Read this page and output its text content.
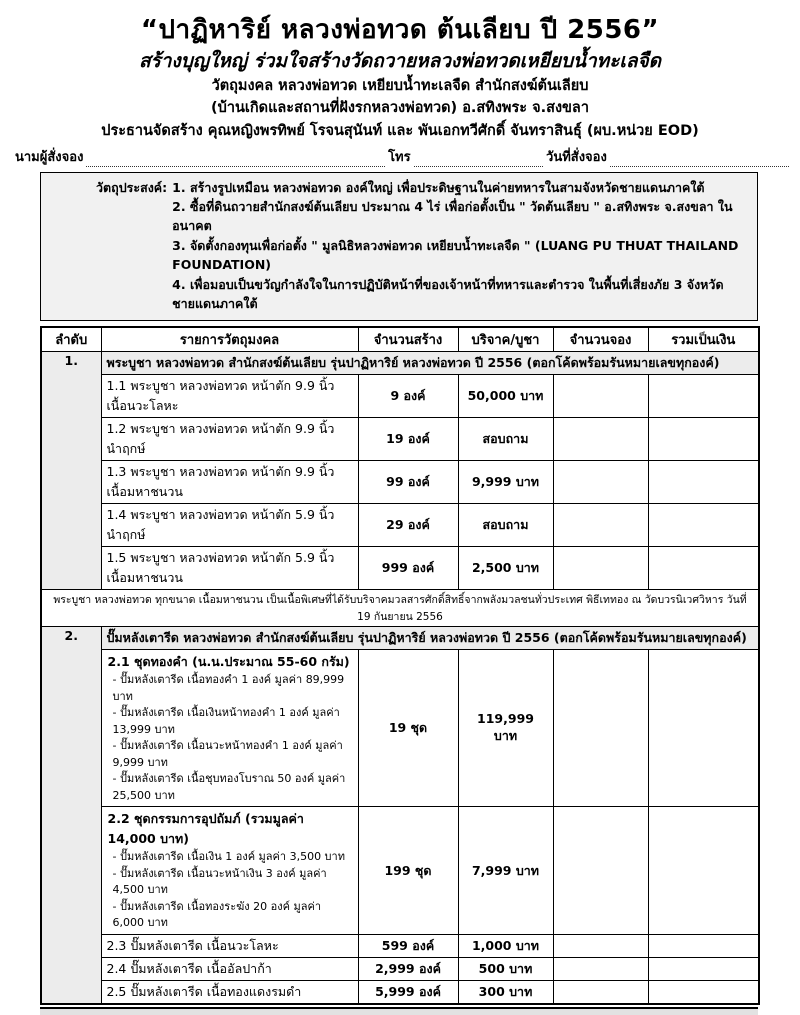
“ปาฏิหาริย์ หลวงพ่อทวด ต้นเลียบ ปี 2556”
สร้างบุญใหญ่ ร่วมใจสร้างวัดถวายหลวงพ่อทวดเหยียบน้ำทะเลจืด
วัตถุมงคล หลวงพ่อทวด เหยียบน้ำทะเลจืด สำนักสงฆ์ต้นเลียบ
(บ้านเกิดและสถานที่ฝังรกหลวงพ่อทวด) อ.สทิงพระ จ.สงขลา
ประธานจัดสร้าง คุณหญิงพรทิพย์ โรจนสุนันท์ และ พันเอกทวีศักดิ์ จันทราสินธุ์ (ผบ.หน่วย EOD)
นามผู้สั่งจอง	โทร	วันที่สั่งจอง
วัตถุประสงค์: 1. สร้างรูปเหมือน หลวงพ่อทวด องค์ใหญ่ เพื่อประดิษฐานในค่ายทหารในสามจังหวัดชายแดนภาคใต้
2. ซื้อที่ดินถวายสำนักสงฆ์ต้นเลียบ ประมาณ 4 ไร่ เพื่อก่อตั้งเป็น " วัดต้นเลียบ " อ.สทิงพระ จ.สงขลา ในอนาคต
3. จัดตั้งกองทุนเพื่อก่อตั้ง " มูลนิธิหลวงพ่อทวด เหยียบน้ำทะเลจืด " (LUANG PU THUAT THAILAND FOUNDATION)
4. เพื่อมอบเป็นขวัญกำลังใจในการปฏิบัติหน้าที่ของเจ้าหน้าที่ทหารและตำรวจ ในพื้นที่เสี่ยงภัย 3 จังหวัดชายแดนภาคใต้
ลำดับ	รายการวัตถุมงคล	จำนวนสร้าง	บริจาค/บูชา	จำนวนจอง	รวมเป็นเงิน
1.	พระบูชา หลวงพ่อทวด สำนักสงฆ์ต้นเลียบ รุ่นปาฏิหาริย์ หลวงพ่อทวด ปี 2556 (ตอกโค้ดพร้อมรันหมายเลขทุกองค์)				
	1.1 พระบูชา หลวงพ่อทวด หน้าตัก 9.9 นิ้ว เนื้อนวะโลหะ	9 องค์	50,000 บาท		
	1.2 พระบูชา หลวงพ่อทวด หน้าตัก 9.9 นิ้ว นำฤกษ์	19 องค์	สอบถาม		
	1.3 พระบูชา หลวงพ่อทวด หน้าตัก 9.9 นิ้ว เนื้อมหาชนวน	99 องค์	9,999 บาท		
	1.4 พระบูชา หลวงพ่อทวด หน้าตัก 5.9 นิ้ว นำฤกษ์	29 องค์	สอบถาม		
	1.5 พระบูชา หลวงพ่อทวด หน้าตัก 5.9 นิ้ว เนื้อมหาชนวน	999 องค์	2,500 บาท		
พระบูชา หลวงพ่อทวด ทุกขนาด เนื้อมหาชนวน เป็นเนื้อพิเศษที่ได้รับบริจาคมวลสารศักดิ์สิทธิ์จากพลังมวลชนทั่วประเทศ พิธีเททอง ณ วัดบวรนิเวศวิหาร วันที่ 19 กันยายน 2556					
2.	ปั๊มหลังเตารีด หลวงพ่อทวด สำนักสงฆ์ต้นเลียบ รุ่นปาฏิหาริย์ หลวงพ่อทวด ปี 2556 (ตอกโค้ดพร้อมรันหมายเลขทุกองค์)				

	2.1 ชุดทองคำ (น.น.ประมาณ 55-60 กรัม)
- ปั๊มหลังเตารีด เนื้อทองคำ 1 องค์ มูลค่า 89,999 บาท
- ปั๊มหลังเตารีด เนื้อเงินหน้าทองคำ 1 องค์ มูลค่า 13,999 บาท
- ปั๊มหลังเตารีด เนื้อนวะหน้าทองคำ 1 องค์ มูลค่า 9,999 บาท
- ปั๊มหลังเตารีด เนื้อชุบทองโบราณ 50 องค์ มูลค่า 25,500 บาท	19 ชุด	119,999 บาท		

	2.2 ชุดกรรมการอุปถัมภ์ (รวมมูลค่า 14,000 บาท)
- ปั๊มหลังเตารีด เนื้อเงิน 1 องค์ มูลค่า 3,500 บาท
- ปั๊มหลังเตารีด เนื้อนวะหน้าเงิน 3 องค์ มูลค่า 4,500 บาท
- ปั๊มหลังเตารีด เนื้อทองระฆัง 20 องค์ มูลค่า 6,000 บาท	199 ชุด	7,999 บาท		
	2.3 ปั๊มหลังเตารีด เนื้อนวะโลหะ	599 องค์	1,000 บาท		
	2.4 ปั๊มหลังเตารีด เนื้ออัลปาก้า	2,999 องค์	500 บาท		
	2.5 ปั๊มหลังเตารีด เนื้อทองแดงรมดำ	5,999 องค์	300 บาท		
